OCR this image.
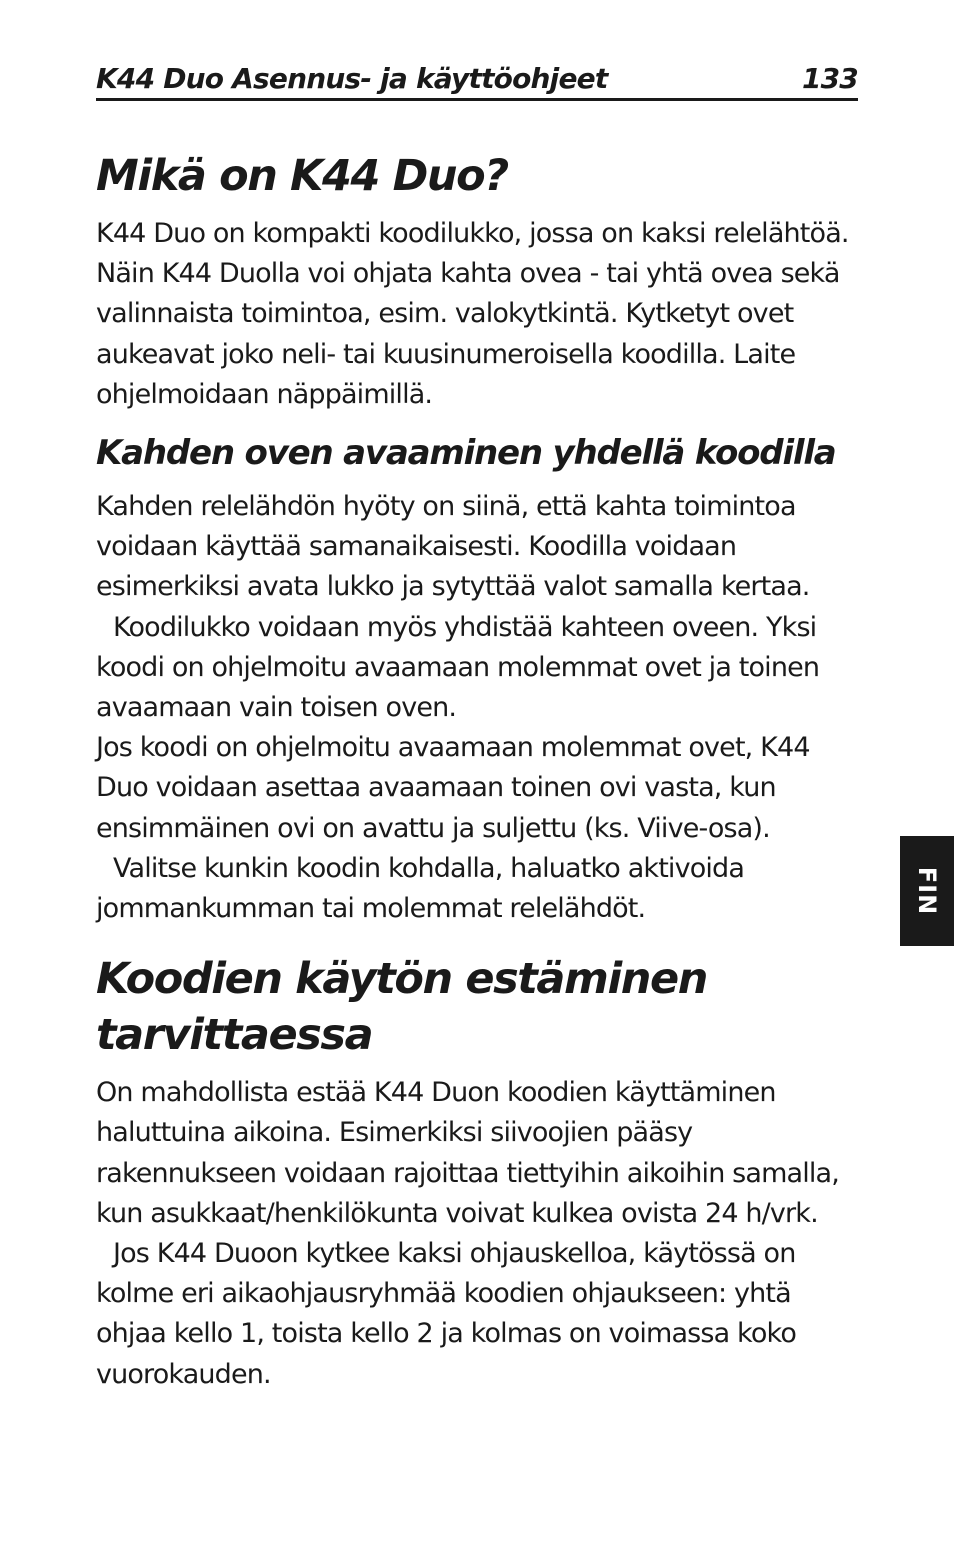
K44 Duo Asennus- ja käyttöohjeet	133
Mikä on K44 Duo?

K44 Duo on kompakti koodilukko, jossa on kaksi relelähtöä. Näin K44 Duolla voi ohjata kahta ovea - tai yhtä ovea sekä valinnaista toimintoa, esim. valokytkintä. Kytketyt ovet aukeavat joko neli- tai kuusinumeroisella koodilla. Laite ohjelmoidaan näppäimillä.

Kahden oven avaaminen yhdellä koodilla

Kahden relelähdön hyöty on siinä, että kahta toimintoa voidaan käyttää samanaikaisesti. Koodilla voidaan esimerkiksi avata lukko ja sytyttää valot samalla kertaa.

Koodilukko voidaan myös yhdistää kahteen oveen. Yksi koodi on ohjelmoitu avaamaan molemmat ovet ja toinen avaamaan vain toisen oven.

Jos koodi on ohjelmoitu avaamaan molemmat ovet, K44 Duo voidaan asettaa avaamaan toinen ovi vasta, kun ensimmäinen ovi on avattu ja suljettu (ks. Viive-osa).

Valitse kunkin koodin kohdalla, haluatko aktivoida jommankumman tai molemmat relelähdöt.

Koodien käytön estäminen tarvittaessa

On mahdollista estää K44 Duon koodien käyttäminen haluttuina aikoina. Esimerkiksi siivoojien pääsy rakennukseen voidaan rajoittaa tiettyihin aikoihin samalla, kun asukkaat/henkilökunta voivat kulkea ovista 24 h/vrk.

Jos K44 Duoon kytkee kaksi ohjauskelloa, käytössä on kolme eri aikaohjausryhmää koodien ohjaukseen: yhtä ohjaa kello 1, toista kello 2 ja kolmas on voimassa koko vuorokauden.

FIN
